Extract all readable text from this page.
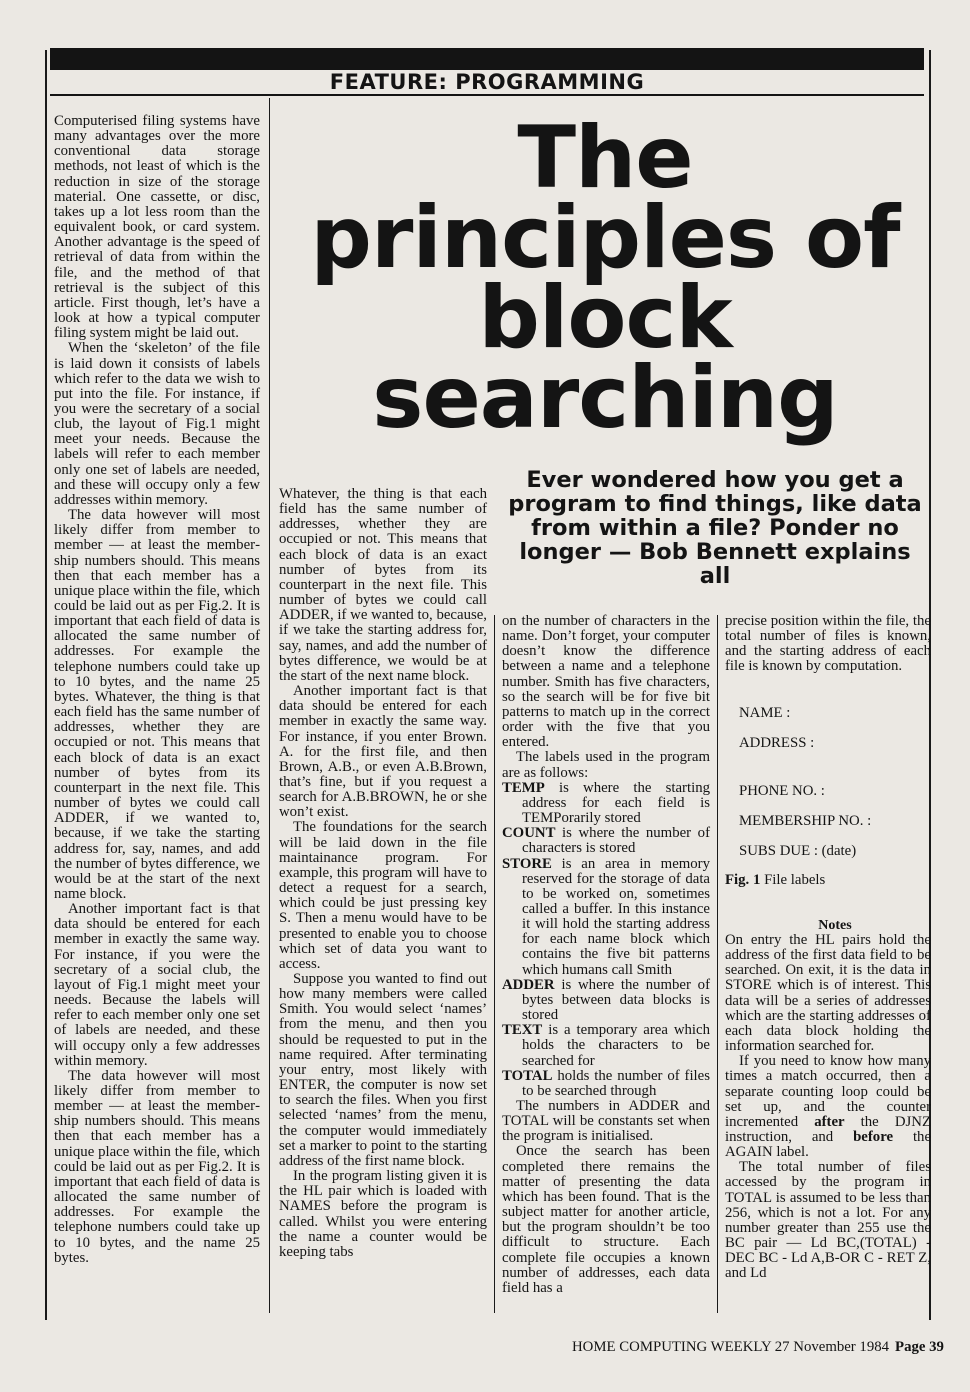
FEATURE: PROGRAMMING
The
principles of
block
searching
Ever wondered how you get a program to find things, like data from within a file? Ponder no longer — Bob Bennett explains all

Computerised filing systems have many advantages over the more conventional data storage methods, not least of which is the reduction in size of the storage material. One cassette, or disc, takes up a lot less room than the equivalent book, or card system. Another advantage is the speed of retrieval of data from within the file, and the method of that retrieval is the subject of this article. First though, let’s have a look at how a typical computer filing system might be laid out.

When the ‘skeleton’ of the file is laid down it consists of labels which refer to the data we wish to put into the file. For instance, if you were the secretary of a social club, the layout of Fig.1 might meet your needs. Because the labels will refer to each member only one set of labels are needed, and these will occupy only a few addresses within memory.

The data however will most likely differ from member to member — at least the membership numbers should. This means then that each member has a unique place within the file, which could be laid out as per Fig.2. It is important that each field of data is allocated the same number of addresses. For example the telephone numbers could take up to 10 bytes, and the name 25 bytes. Whatever, the thing is that each field has the same number of addresses, whether they are occupied or not. This means that each block of data is an exact number of bytes from its counterpart in the next file. This number of bytes we could call ADDER, if we wanted to, because, if we take the starting address for, say, names, and add the number of bytes difference, we would be at the start of the next name block.

Another important fact is that data should be entered for each member in exactly the same way. For instance, if you were the secretary of a social club, the layout of Fig.1 might meet your needs. Because the labels will refer to each member only one set of labels are needed, and these will occupy only a few addresses within memory.

The data however will most likely differ from member to member — at least the membership numbers should. This means then that each member has a unique place within the file, which could be laid out as per Fig.2. It is important that each field of data is allocated the same number of addresses. For example the telephone numbers could take up to 10 bytes, and the name 25 bytes.

Whatever, the thing is that each field has the same number of addresses, whether they are occupied or not. This means that each block of data is an exact number of bytes from its counterpart in the next file. This number of bytes we could call ADDER, if we wanted to, because, if we take the starting address for, say, names, and add the number of bytes difference, we would be at the start of the next name block.

Another important fact is that data should be entered for each member in exactly the same way. For instance, if you enter Brown. A. for the first file, and then Brown, A.B., or even A.B.Brown, that’s fine, but if you request a search for A.B.BROWN, he or she won’t exist.

The foundations for the search will be laid down in the file maintainance program. For example, this program will have to detect a request for a search, which could be just pressing key S. Then a menu would have to be presented to enable you to choose which set of data you want to access.

Suppose you wanted to find out how many members were called Smith. You would select ‘names’ from the menu, and then you should be requested to put in the name required. After terminating your entry, most likely with ENTER, the computer is now set to search the files. When you first selected ‘names’ from the menu, the computer would immediately set a marker to point to the starting address of the first name block.

In the program listing given it is the HL pair which is loaded with NAMES before the program is called. Whilst you were entering the name a counter would be keeping tabs

on the number of characters in the name. Don’t forget, your computer doesn’t know the difference between a name and a telephone number. Smith has five characters, so the search will be for five bit patterns to match up in the correct order with the five that you entered.

The labels used in the program are as follows:

TEMP is where the starting address for each field is TEMPorarily stored

COUNT is where the number of characters is stored

STORE is an area in memory reserved for the storage of data to be worked on, sometimes called a buffer. In this instance it will hold the starting address for each name block which contains the five bit patterns which humans call Smith

ADDER is where the number of bytes between data blocks is stored

TEXT is a temporary area which holds the characters to be searched for

TOTAL holds the number of files to be searched through

The numbers in ADDER and TOTAL will be constants set when the program is initialised.

Once the search has been completed there remains the matter of presenting the data which has been found. That is the subject matter for another article, but the program shouldn’t be too difficult to structure. Each complete file occupies a known number of addresses, each data field has a

precise position within the file, the total number of files is known, and the starting address of each file is known by computation.

NAME :

ADDRESS :

PHONE NO. :

MEMBERSHIP NO. :

SUBS DUE : (date)

Fig. 1 File labels

Notes

On entry the HL pairs hold the address of the first data field to be searched. On exit, it is the data in STORE which is of interest. This data will be a series of addresses which are the starting addresses of each data block holding the information searched for.

If you need to know how many times a match occurred, then a separate counting loop could be set up, and the counter incremented after the DJNZ instruction, and before the AGAIN label.

The total number of files accessed by the program in TOTAL is assumed to be less than 256, which is not a lot. For any number greater than 255 use the BC pair — Ld BC,(TOTAL) - DEC BC - Ld A,B-OR C - RET Z, and Ld

HOME COMPUTING WEEKLY 27 November 1984 Page 39
